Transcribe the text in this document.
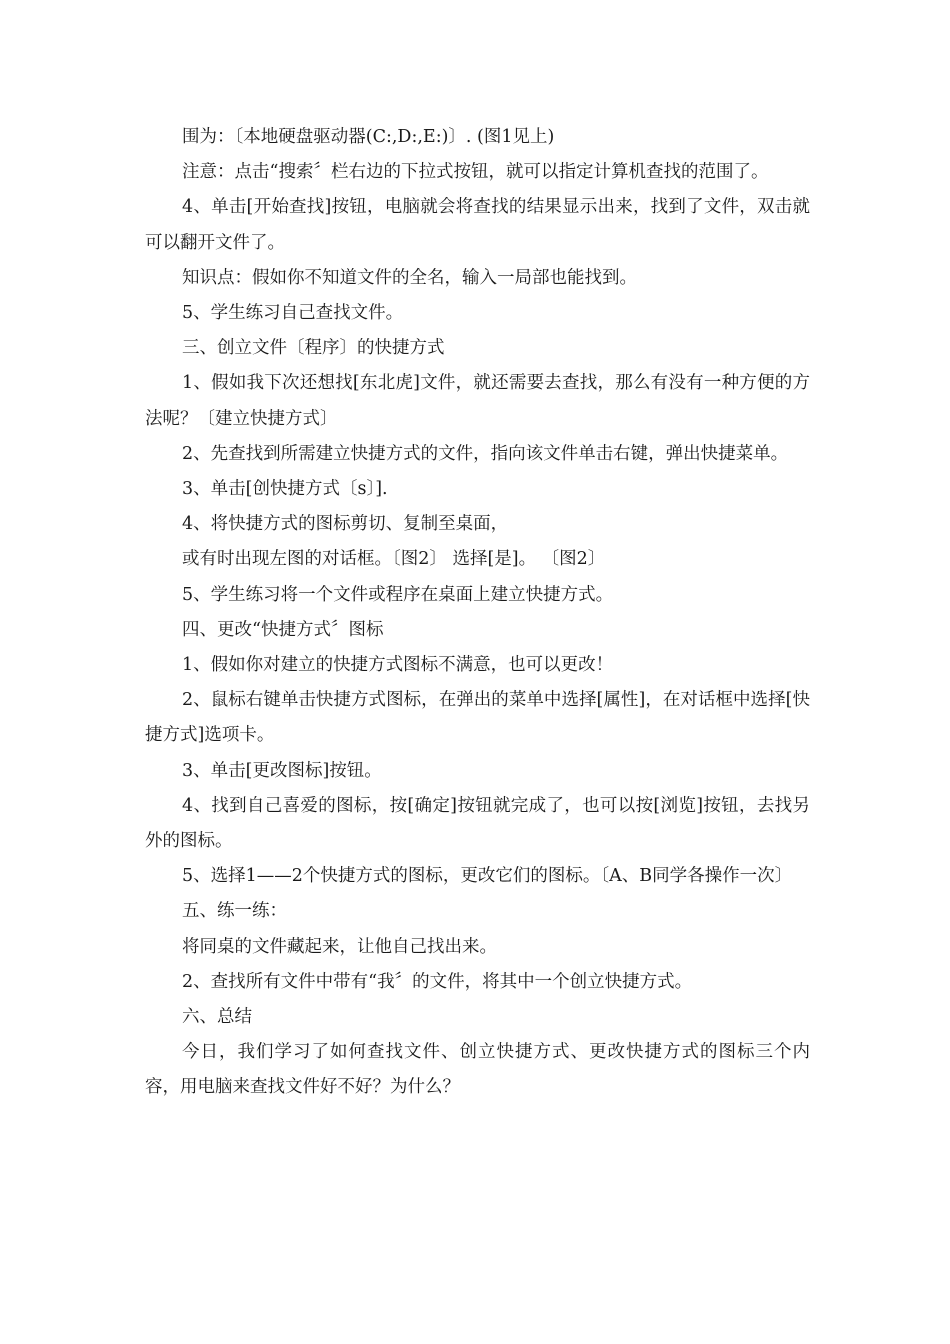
围为：〔本地硬盘驱动器(C:,D:,E:)〕. (图1见上)

注意：点击“搜索〞栏右边的下拉式按钮，就可以指定计算机查找的范围了。

4、单击[开始查找]按钮，电脑就会将查找的结果显示出来，找到了文件，双击就可以翻开文件了。

知识点：假如你不知道文件的全名，输入一局部也能找到。

5、学生练习自己查找文件。

三、创立文件〔程序〕的快捷方式

1、假如我下次还想找[东北虎]文件，就还需要去查找，那么有没有一种方便的方法呢？〔建立快捷方式〕

2、先查找到所需建立快捷方式的文件，指向该文件单击右键，弹出快捷菜单。

3、单击[创快捷方式〔s〕].

4、将快捷方式的图标剪切、复制至桌面，

或有时出现左图的对话框。〔图2〕 选择[是]。 〔图2〕

5、学生练习将一个文件或程序在桌面上建立快捷方式。

四、更改“快捷方式〞图标

1、假如你对建立的快捷方式图标不满意，也可以更改！

2、鼠标右键单击快捷方式图标，在弹出的菜单中选择[属性]，在对话框中选择[快捷方式]选项卡。

3、单击[更改图标]按钮。

4、找到自己喜爱的图标，按[确定]按钮就完成了，也可以按[浏览]按钮，去找另外的图标。

5、选择1——2个快捷方式的图标，更改它们的图标。〔A、B同学各操作一次〕

五、练一练：

将同桌的文件藏起来，让他自己找出来。

2、查找所有文件中带有“我〞的文件，将其中一个创立快捷方式。

六、总结

今日，我们学习了如何查找文件、创立快捷方式、更改快捷方式的图标三个内容，用电脑来查找文件好不好？为什么？
